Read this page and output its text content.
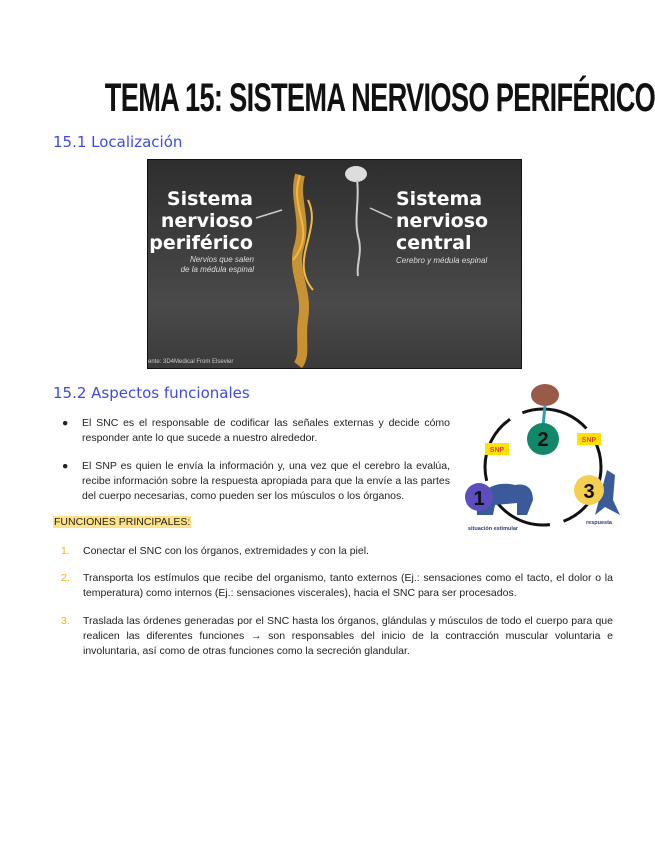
TEMA 15: SISTEMA NERVIOSO PERIFÉRICO
15.1 Localización
Sistema
nervioso
periférico
Nervios que salen
de la médula espinal
Sistema
nervioso
central
Cerebro y médula espinal
ente: 3D4Medical From Elsevier
15.2 Aspectos funcionales
● El SNC es el responsable de codificar las señales externas y decide cómo responder ante lo que sucede a nuestro alrededor.
● El SNP es quien le envía la información y, una vez que el cerebro la evalúa, recibe información sobre la respuesta apropiada para que la envíe a las partes del cuerpo necesarias, como pueden ser los músculos o los órganos.
2
SNP
SNP
1
situación estimular
3
respuesta
FUNCIONES PRINCIPALES:
1. Conectar el SNC con los órganos, extremidades y con la piel.
2. Transporta los estímulos que recibe del organismo, tanto externos (Ej.: sensaciones como el tacto, el dolor o la temperatura) como internos (Ej.: sensaciones viscerales), hacia el SNC para ser procesados.
3. Traslada las órdenes generadas por el SNC hasta los órganos, glándulas y músculos de todo el cuerpo para que realicen las diferentes funciones → son responsables del inicio de la contracción muscular voluntaria e involuntaria, así como de otras funciones como la secreción glandular.
